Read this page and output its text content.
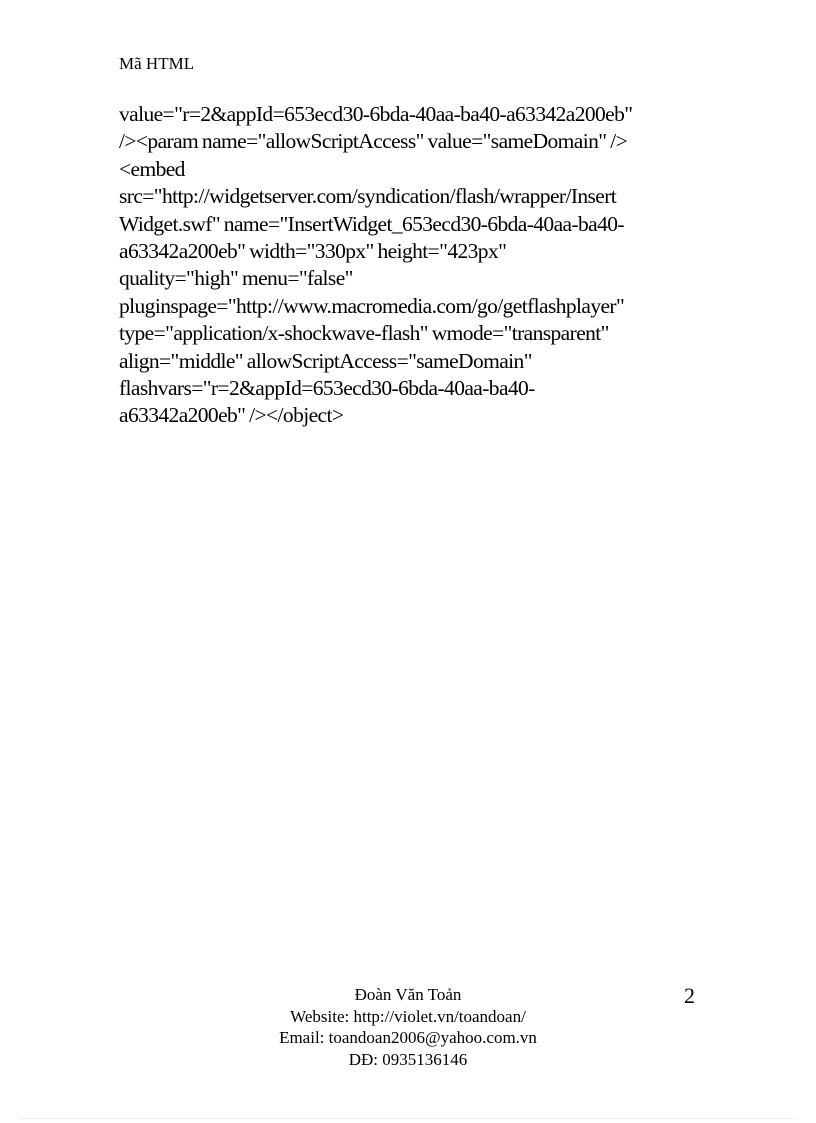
Mã HTML
value="r=2&appId=653ecd30-6bda-40aa-ba40-a63342a200eb"
/><param name="allowScriptAccess" value="sameDomain" />
<embed
src="http://widgetserver.com/syndication/flash/wrapper/Insert
Widget.swf" name="InsertWidget_653ecd30-6bda-40aa-ba40-
a63342a200eb" width="330px" height="423px"
quality="high" menu="false"
pluginspage="http://www.macromedia.com/go/getflashplayer"
type="application/x-shockwave-flash" wmode="transparent"
align="middle" allowScriptAccess="sameDomain"
flashvars="r=2&appId=653ecd30-6bda-40aa-ba40-
a63342a200eb" /></object>
Đoàn Văn Toản
Website: http://violet.vn/toandoan/
Email: toandoan2006@yahoo.com.vn
DĐ: 0935136146
2
